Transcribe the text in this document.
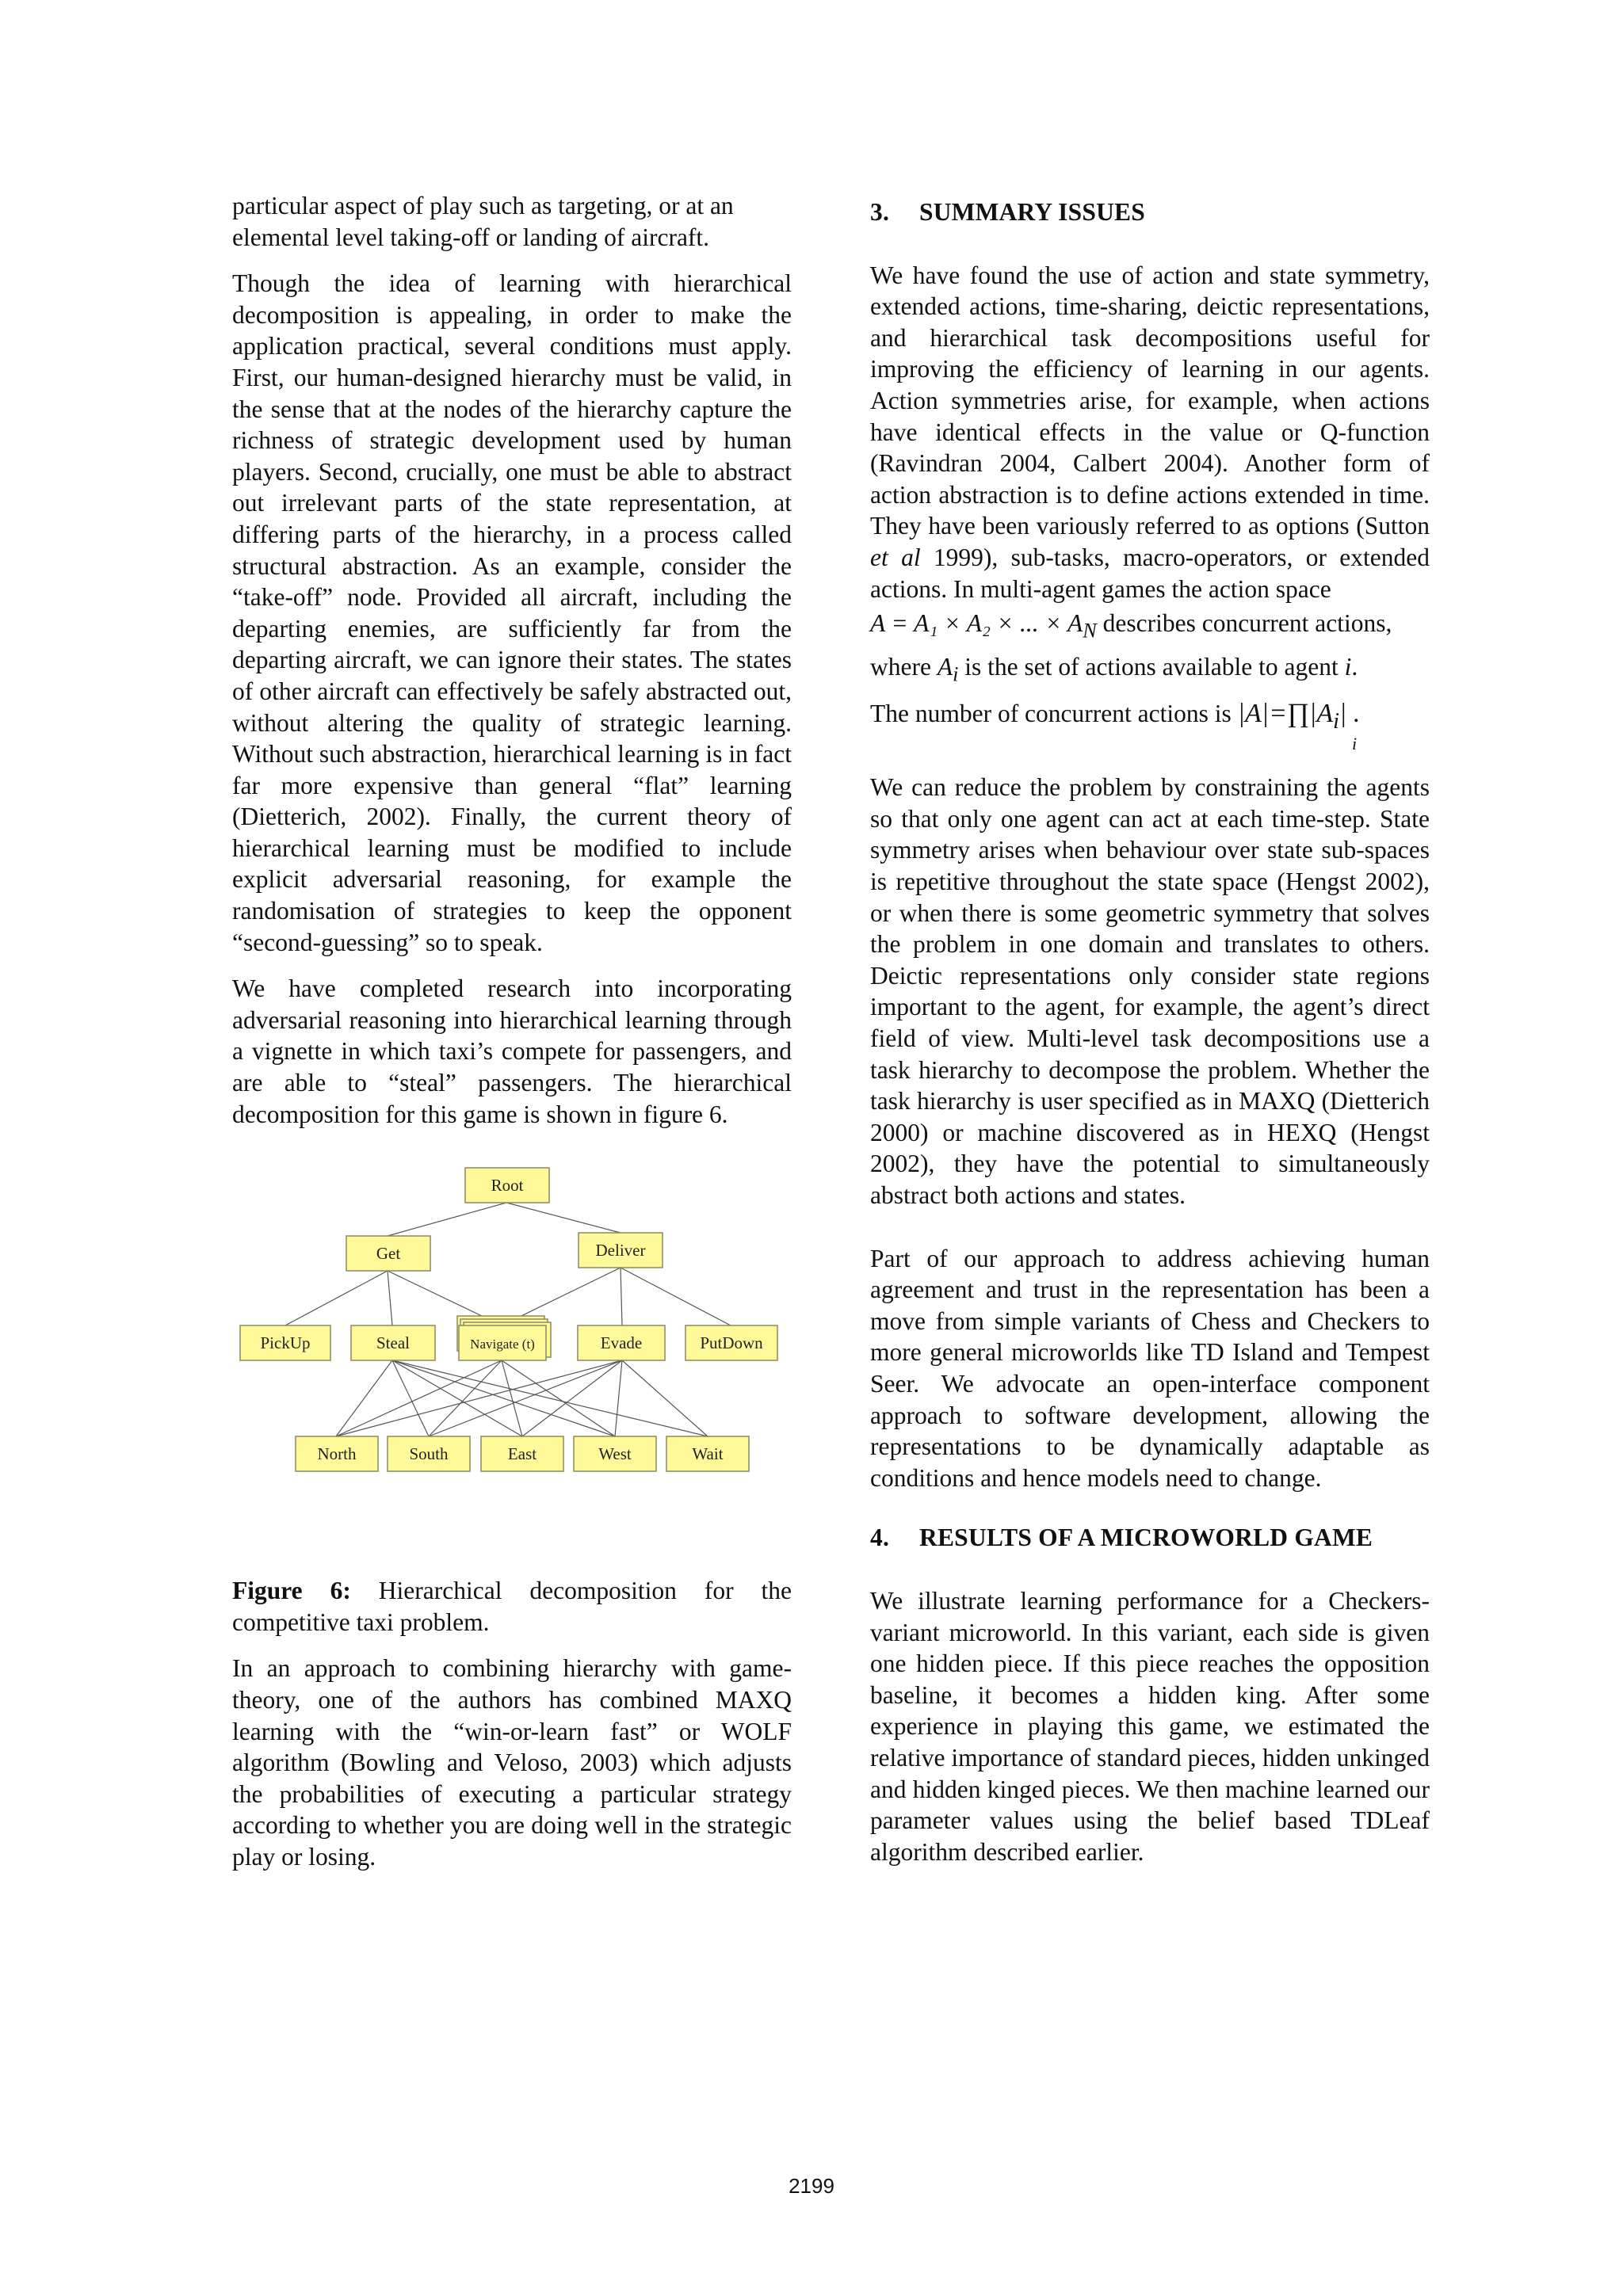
particular aspect of play such as targeting, or at an elemental level taking-off or landing of aircraft.

Though the idea of learning with hierarchical decomposition is appealing, in order to make the application practical, several conditions must apply. First, our human-designed hierarchy must be valid, in the sense that at the nodes of the hierarchy capture the richness of strategic development used by human players. Second, crucially, one must be able to abstract out irrelevant parts of the state representation, at differing parts of the hierarchy, in a process called structural abstraction. As an example, consider the “take-off” node. Provided all aircraft, including the departing enemies, are sufficiently far from the departing aircraft, we can ignore their states. The states of other aircraft can effectively be safely abstracted out, without altering the quality of strategic learning. Without such abstraction, hierarchical learning is in fact far more expensive than general “flat” learning (Dietterich, 2002). Finally, the current theory of hierarchical learning must be modified to include explicit adversarial reasoning, for example the randomisation of strategies to keep the opponent “second-guessing” so to speak.

We have completed research into incorporating adversarial reasoning into hierarchical learning through a vignette in which taxi’s compete for passengers, and are able to “steal” passengers. The hierarchical decomposition for this game is shown in figure 6.

Root
Get	Deliver
PickUp	Steal	Navigate (t)	Evade	PutDown
North	South	East	West	Wait

Figure 6: Hierarchical decomposition for the competitive taxi problem.

In an approach to combining hierarchy with game-theory, one of the authors has combined MAXQ learning with the “win-or-learn fast” or WOLF algorithm (Bowling and Veloso, 2003) which adjusts the probabilities of executing a particular strategy according to whether you are doing well in the strategic play or losing.

3. SUMMARY ISSUES

We have found the use of action and state symmetry, extended actions, time-sharing, deictic representations, and hierarchical task decompositions useful for improving the efficiency of learning in our agents. Action symmetries arise, for example, when actions have identical effects in the value or Q-function (Ravindran 2004, Calbert 2004). Another form of action abstraction is to define actions extended in time. They have been variously referred to as options (Sutton et al 1999), sub-tasks, macro-operators, or extended actions. In multi-agent games the action space

A = A₁ × A₂ × ... × $A_N$ describes concurrent actions,
where $A_i$ is the set of actions available to agent i.
The number of concurrent actions is $|A|=\prod|A_i|$ .
i

We can reduce the problem by constraining the agents so that only one agent can act at each time-step. State symmetry arises when behaviour over state sub-spaces is repetitive throughout the state space (Hengst 2002), or when there is some geometric symmetry that solves the problem in one domain and translates to others. Deictic representations only consider state regions important to the agent, for example, the agent’s direct field of view. Multi-level task decompositions use a task hierarchy to decompose the problem. Whether the task hierarchy is user specified as in MAXQ (Dietterich 2000) or machine discovered as in HEXQ (Hengst 2002), they have the potential to simultaneously abstract both actions and states.

Part of our approach to address achieving human agreement and trust in the representation has been a move from simple variants of Chess and Checkers to more general microworlds like TD Island and Tempest Seer. We advocate an open-interface component approach to software development, allowing the representations to be dynamically adaptable as conditions and hence models need to change.

4. RESULTS OF A MICROWORLD GAME

We illustrate learning performance for a Checkers-variant microworld. In this variant, each side is given one hidden piece. If this piece reaches the opposition baseline, it becomes a hidden king. After some experience in playing this game, we estimated the relative importance of standard pieces, hidden unkinged and hidden kinged pieces. We then machine learned our parameter values using the belief based TDLeaf algorithm described earlier.

2199
